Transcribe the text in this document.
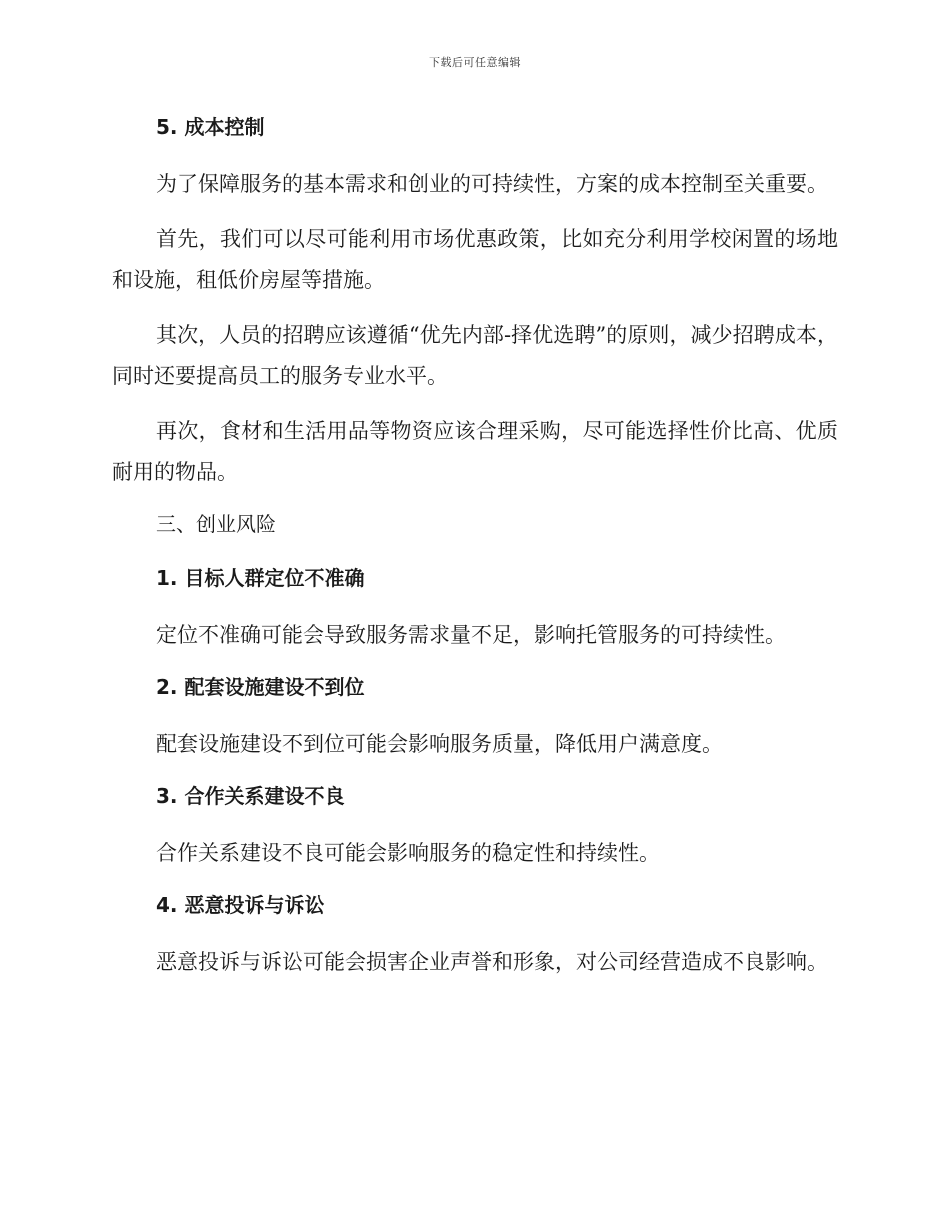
下载后可任意编辑
5. 成本控制

为了保障服务的基本需求和创业的可持续性，方案的成本控制至关重要。

首先，我们可以尽可能利用市场优惠政策，比如充分利用学校闲置的场地和设施，租低价房屋等措施。

其次，人员的招聘应该遵循“优先内部-择优选聘”的原则，减少招聘成本，同时还要提高员工的服务专业水平。

再次，食材和生活用品等物资应该合理采购，尽可能选择性价比高、优质耐用的物品。

三、创业风险
1. 目标人群定位不准确

定位不准确可能会导致服务需求量不足，影响托管服务的可持续性。

2. 配套设施建设不到位

配套设施建设不到位可能会影响服务质量，降低用户满意度。

3. 合作关系建设不良

合作关系建设不良可能会影响服务的稳定性和持续性。

4. 恶意投诉与诉讼

恶意投诉与诉讼可能会损害企业声誉和形象，对公司经营造成不良影响。
